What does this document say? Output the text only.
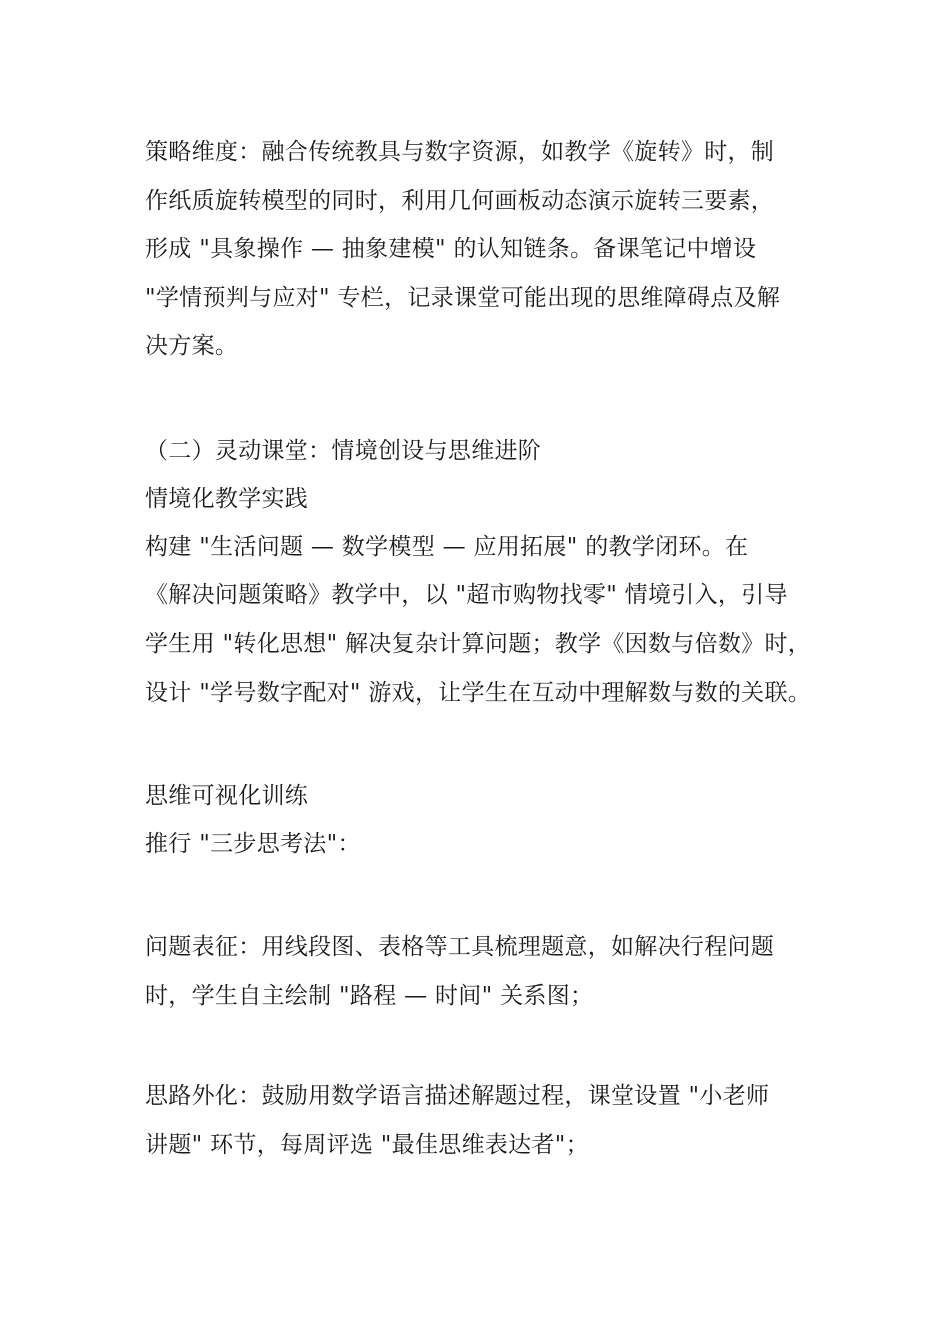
策略维度：融合传统教具与数字资源，如教学《旋转》时，制
作纸质旋转模型的同时，利用几何画板动态演示旋转三要素，
形成 "具象操作 — 抽象建模" 的认知链条。备课笔记中增设
"学情预判与应对" 专栏，记录课堂可能出现的思维障碍点及解
决方案。
（二）灵动课堂：情境创设与思维进阶
情境化教学实践
构建 "生活问题 — 数学模型 — 应用拓展" 的教学闭环。在
《解决问题策略》教学中，以 "超市购物找零" 情境引入，引导
学生用 "转化思想" 解决复杂计算问题；教学《因数与倍数》时，
设计 "学号数字配对" 游戏，让学生在互动中理解数与数的关联。
思维可视化训练
推行 "三步思考法"：
问题表征：用线段图、表格等工具梳理题意，如解决行程问题
时，学生自主绘制 "路程 — 时间" 关系图；
思路外化：鼓励用数学语言描述解题过程，课堂设置 "小老师
讲题" 环节，每周评选 "最佳思维表达者"；
